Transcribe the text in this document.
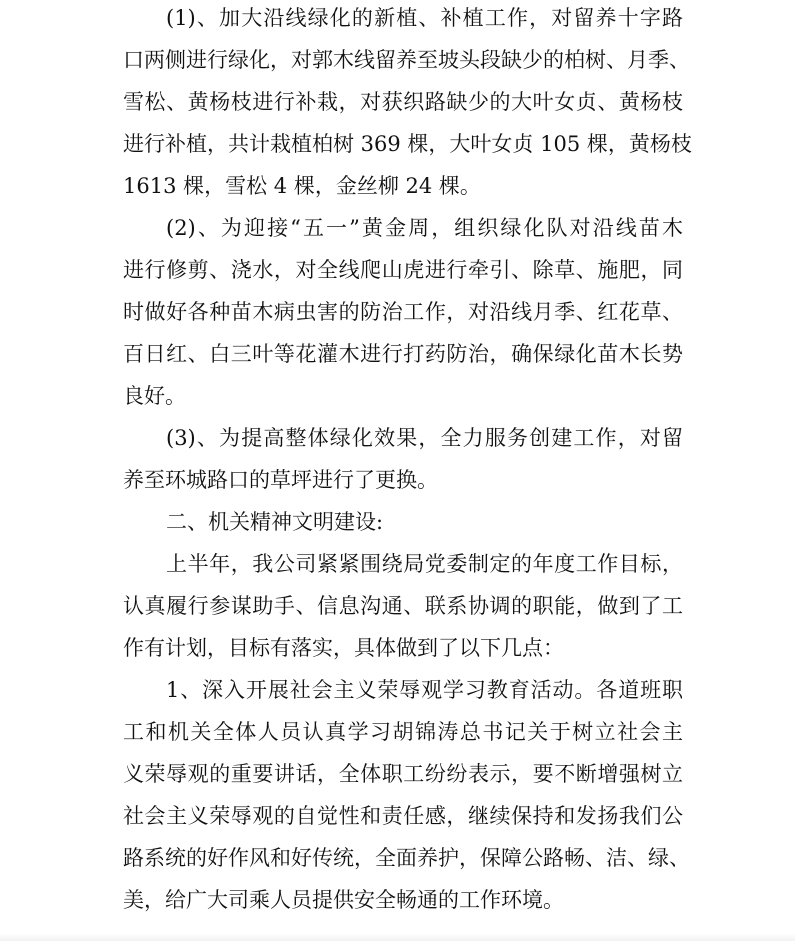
(1)、加大沿线绿化的新植、补植工作，对留养十字路
口两侧进行绿化，对郭木线留养至坡头段缺少的柏树、月季、
雪松、黄杨枝进行补栽，对获织路缺少的大叶女贞、黄杨枝
进行补植，共计栽植柏树 369 棵，大叶女贞 105 棵，黄杨枝
1613 棵，雪松 4 棵，金丝柳 24 棵。
(2)、为迎接“五一”黄金周，组织绿化队对沿线苗木
进行修剪、浇水，对全线爬山虎进行牵引、除草、施肥，同
时做好各种苗木病虫害的防治工作，对沿线月季、红花草、
百日红、白三叶等花灌木进行打药防治，确保绿化苗木长势
良好。
(3)、为提高整体绿化效果，全力服务创建工作，对留
养至环城路口的草坪进行了更换。
二、机关精神文明建设:
上半年，我公司紧紧围绕局党委制定的年度工作目标，
认真履行参谋助手、信息沟通、联系协调的职能，做到了工
作有计划，目标有落实，具体做到了以下几点：
1、深入开展社会主义荣辱观学习教育活动。各道班职
工和机关全体人员认真学习胡锦涛总书记关于树立社会主
义荣辱观的重要讲话，全体职工纷纷表示，要不断增强树立
社会主义荣辱观的自觉性和责任感，继续保持和发扬我们公
路系统的好作风和好传统，全面养护，保障公路畅、洁、绿、
美，给广大司乘人员提供安全畅通的工作环境。
